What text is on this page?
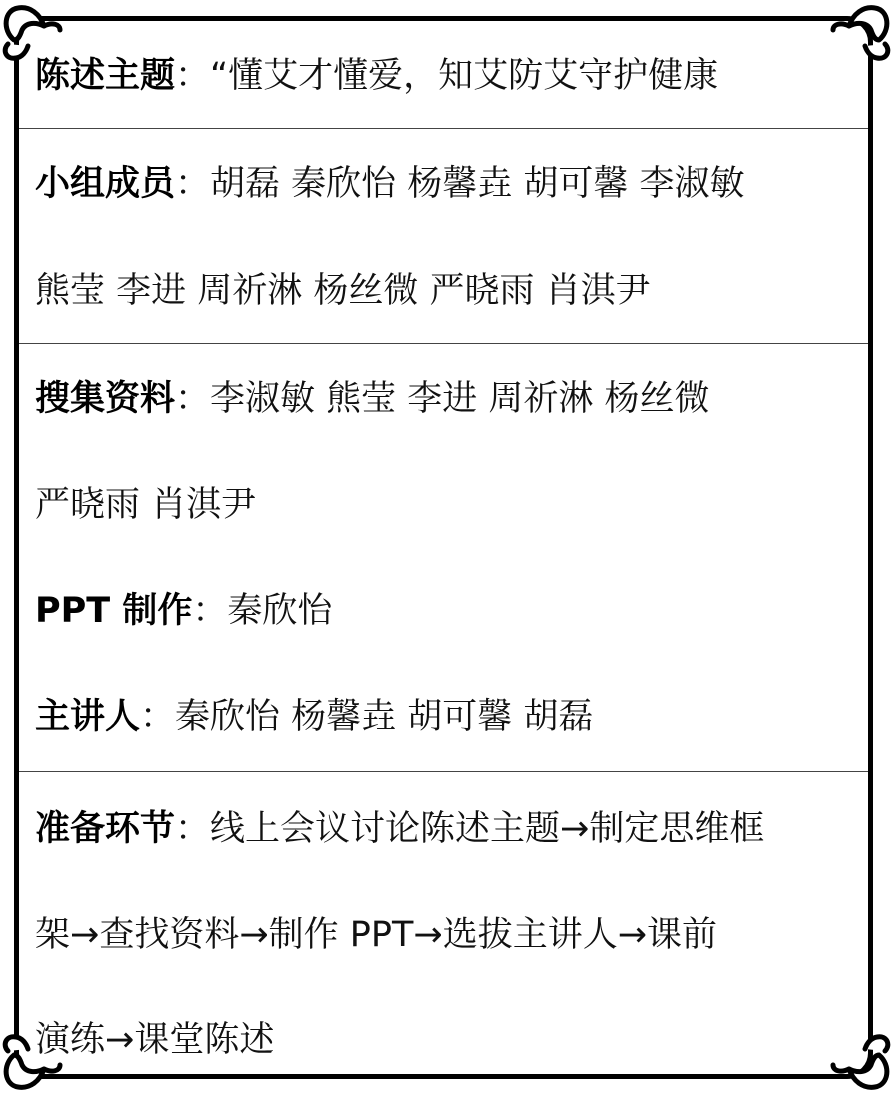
陈述主题：“懂艾才懂爱，知艾防艾守护健康
小组成员：胡磊 秦欣怡 杨馨垚 胡可馨 李淑敏
熊莹 李进 周祈淋 杨丝微 严晓雨 肖淇尹
搜集资料：李淑敏 熊莹 李进 周祈淋 杨丝微
严晓雨 肖淇尹
PPT 制作：秦欣怡
主讲人：秦欣怡 杨馨垚 胡可馨 胡磊
准备环节：线上会议讨论陈述主题→制定思维框
架→查找资料→制作 PPT→选拔主讲人→课前
演练→课堂陈述
